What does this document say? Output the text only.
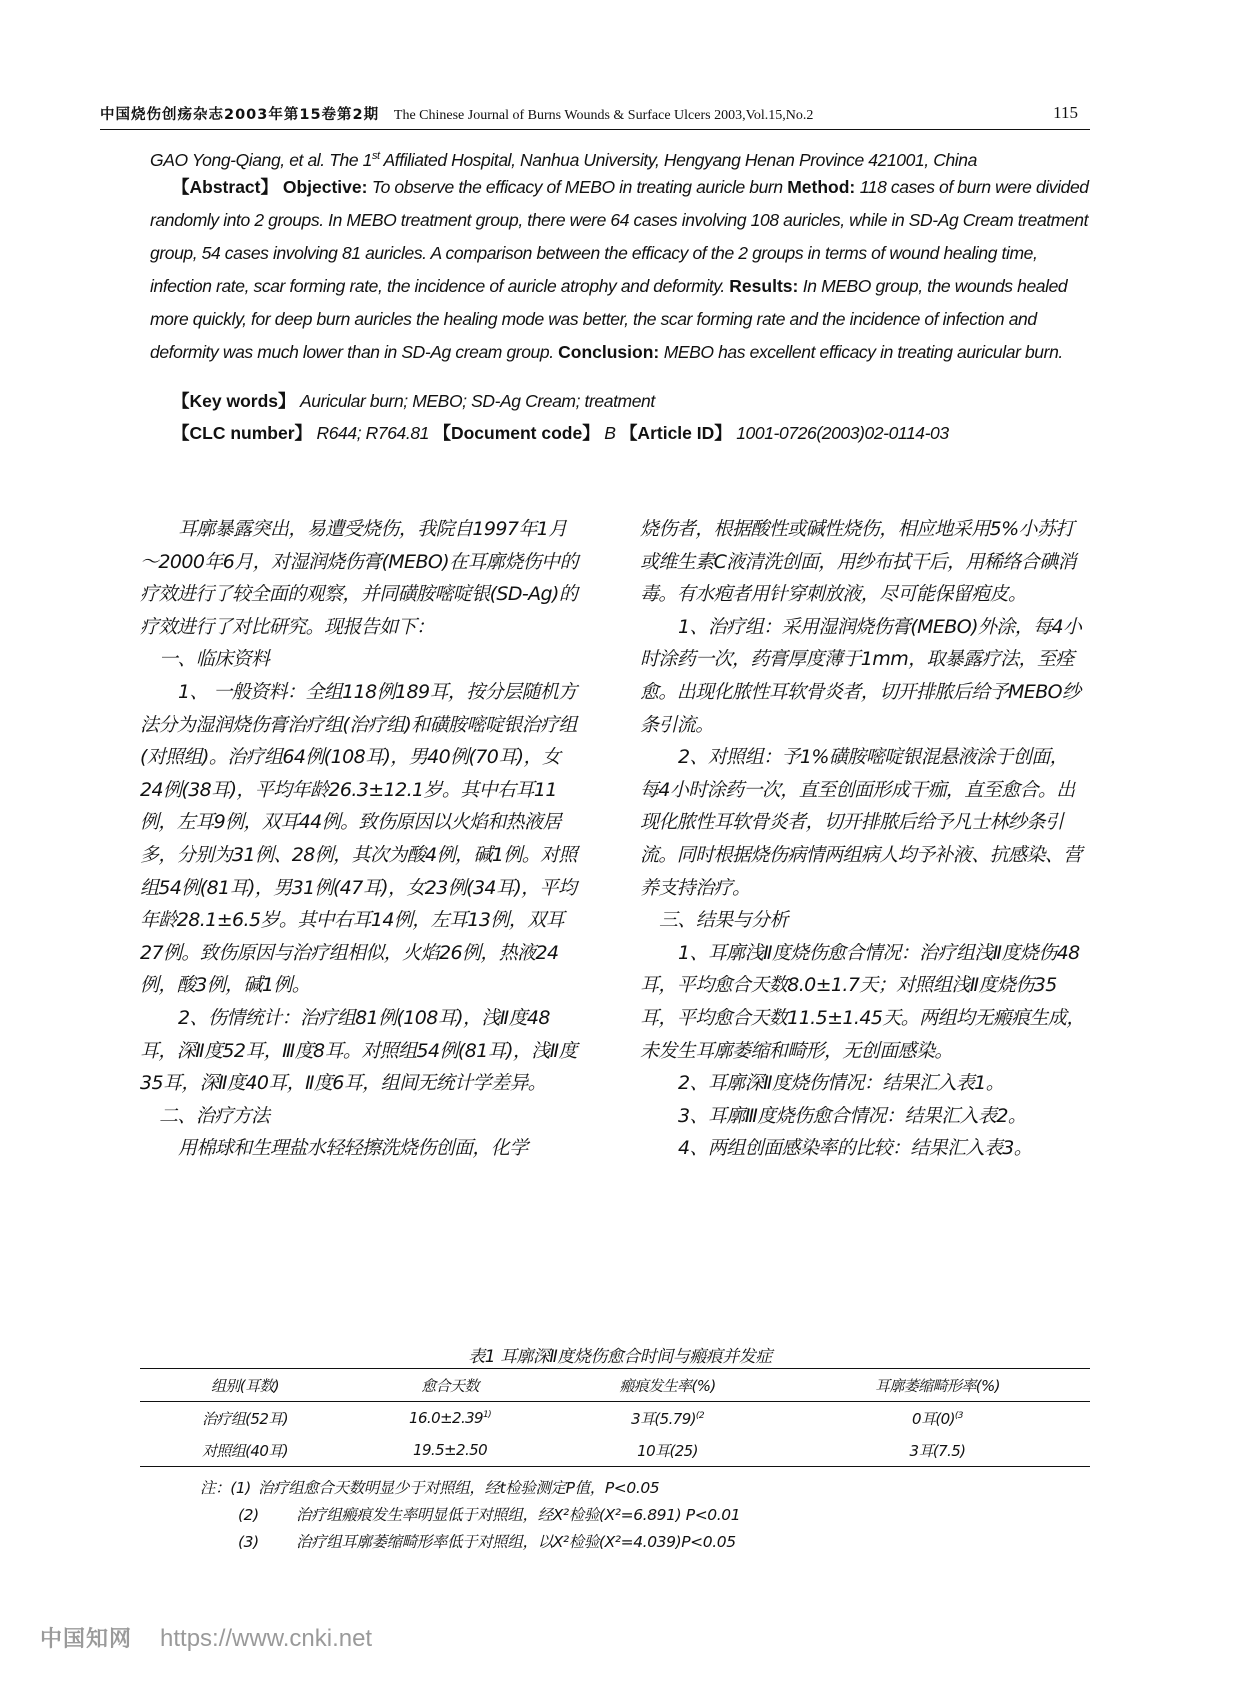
中国烧伤创疡杂志2003年第15卷第2期 The Chinese Journal of Burns Wounds & Surface Ulcers 2003,Vol.15,No.2	115
GAO Yong-Qiang, et al. The 1st Affiliated Hospital, Nanhua University, Hengyang Henan Province 421001, China
【Abstract】 Objective: To observe the efficacy of MEBO in treating auricle burn Method: 118 cases of burn were divided randomly into 2 groups. In MEBO treatment group, there were 64 cases involving 108 auricles, while in SD-Ag Cream treatment group, 54 cases involving 81 auricles. A comparison between the efficacy of the 2 groups in terms of wound healing time, infection rate, scar forming rate, the incidence of auricle atrophy and deformity. Results: In MEBO group, the wounds healed more quickly, for deep burn auricles the healing mode was better, the scar forming rate and the incidence of infection and deformity was much lower than in SD-Ag cream group. Conclusion: MEBO has excellent efficacy in treating auricular burn.
【Key words】 Auricular burn; MEBO; SD-Ag Cream; treatment
【CLC number】 R644; R764.81 【Document code】 B 【Article ID】 1001-0726(2003)02-0114-03

耳廓暴露突出，易遭受烧伤，我院自1997年1月～2000年6月，对湿润烧伤膏(MEBO)在耳廓烧伤中的疗效进行了较全面的观察，并同磺胺嘧啶银(SD-Ag)的疗效进行了对比研究。现报告如下：

一、临床资料

1、 一般资料：全组118例189耳，按分层随机方法分为湿润烧伤膏治疗组(治疗组)和磺胺嘧啶银治疗组(对照组)。治疗组64例(108耳)，男40例(70耳)，女24例(38耳)，平均年龄26.3±12.1岁。其中右耳11例，左耳9例，双耳44例。致伤原因以火焰和热液居多，分别为31例、28例，其次为酸4例，碱1例。对照组54例(81耳)，男31例(47耳)，女23例(34耳)，平均年龄28.1±6.5岁。其中右耳14例，左耳13例，双耳27例。致伤原因与治疗组相似，火焰26例，热液24例，酸3例，碱1例。

2、伤情统计：治疗组81例(108耳)，浅Ⅱ度48耳，深Ⅱ度52耳，Ⅲ度8耳。对照组54例(81耳)，浅Ⅱ度35耳，深Ⅱ度40耳，Ⅱ度6耳，组间无统计学差异。

二、治疗方法

用棉球和生理盐水轻轻擦洗烧伤创面，化学

烧伤者，根据酸性或碱性烧伤，相应地采用5%小苏打或维生素C液清洗创面，用纱布拭干后，用稀络合碘消毒。有水疱者用针穿刺放液，尽可能保留疱皮。

1、治疗组：采用湿润烧伤膏(MEBO)外涂，每4小时涂药一次，药膏厚度薄于1mm，取暴露疗法，至痊愈。出现化脓性耳软骨炎者，切开排脓后给予MEBO纱条引流。

2、对照组：予1%磺胺嘧啶银混悬液涂于创面，每4小时涂药一次，直至创面形成干痂，直至愈合。出现化脓性耳软骨炎者，切开排脓后给予凡士林纱条引流。同时根据烧伤病情两组病人均予补液、抗感染、营养支持治疗。

三、结果与分析

1、耳廓浅Ⅱ度烧伤愈合情况：治疗组浅Ⅱ度烧伤48耳，平均愈合天数8.0±1.7天；对照组浅Ⅱ度烧伤35耳，平均愈合天数11.5±1.45天。两组均无瘢痕生成，未发生耳廓萎缩和畸形，无创面感染。

2、耳廓深Ⅱ度烧伤情况：结果汇入表1。

3、耳廓Ⅲ度烧伤愈合情况：结果汇入表2。

4、两组创面感染率的比较：结果汇入表3。

表1 耳廓深Ⅱ度烧伤愈合时间与瘢痕并发症
组别(耳数)	愈合天数	瘢痕发生率(%)	耳廓萎缩畸形率(%)
治疗组(52耳)	$16.0\pm 2.39^{1)}$	3耳$(5.79)^{(2}$	0耳$(0)^{(3}$
对照组(40耳)	19.5±2.50	10耳(25)	3耳(7.5)
注：(1) 治疗组愈合天数明显少于对照组，经t检验测定P值，P<0.05
(2) 治疗组瘢痕发生率明显低于对照组，经X²检验(X²=6.891) P<0.01
(3) 治疗组耳廓萎缩畸形率低于对照组，以X²检验(X²=4.039)P<0.05
中国知网 https://www.cnki.net
